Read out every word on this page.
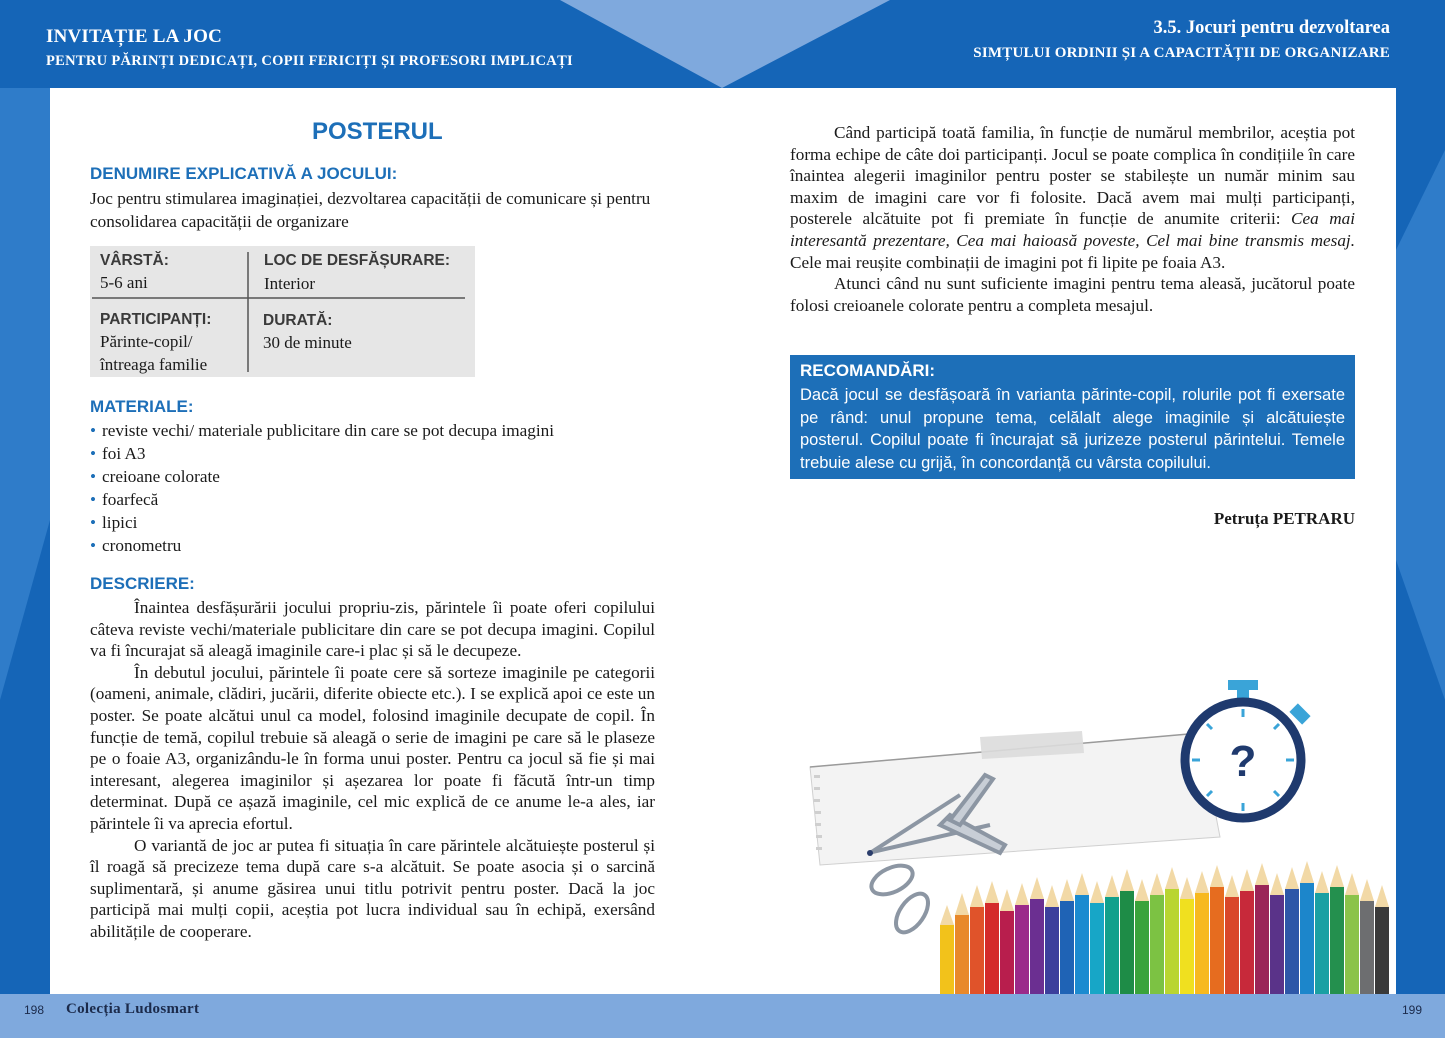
INVITAȚIE LA JOC
PENTRU PĂRINȚI DEDICAȚI, COPII FERICIȚI ȘI PROFESORI IMPLICAȚI
3.5. Jocuri pentru dezvoltarea
SIMȚULUI ORDINII ȘI A CAPACITĂȚII DE ORGANIZARE
POSTERUL
DENUMIRE EXPLICATIVĂ A JOCULUI:
Joc pentru stimularea imaginației, dezvoltarea capacității de comunicare și pentru consolidarea capacității de organizare
VÂRSTĂ:
5-6 ani
LOC DE DESFĂȘURARE:
Interior
PARTICIPANȚI:
Părinte-copil/
întreaga familie
DURATĂ:
30 de minute
MATERIALE:
• reviste vechi/ materiale publicitare din care se pot decupa imagini
• foi A3
• creioane colorate
• foarfecă
• lipici
• cronometru
DESCRIERE:
Înaintea desfășurării jocului propriu-zis, părintele îi poate oferi copilului câteva reviste vechi/materiale publicitare din care se pot decupa imagini. Copilul va fi încurajat să aleagă imaginile care-i plac și să le decupeze.
În debutul jocului, părintele îi poate cere să sorteze imaginile pe categorii (oameni, animale, clădiri, jucării, diferite obiecte etc.). I se explică apoi ce este un poster. Se poate alcătui unul ca model, folosind imaginile decupate de copil. În funcție de temă, copilul trebuie să aleagă o serie de imagini pe care să le plaseze pe o foaie A3, organizându-le în forma unui poster. Pentru ca jocul să fie și mai interesant, alegerea imaginilor și așezarea lor poate fi făcută într-un timp determinat. După ce așază imaginile, cel mic explică de ce anume le-a ales, iar părintele îi va aprecia efortul.
O variantă de joc ar putea fi situația în care părintele alcătuiește posterul și îl roagă să precizeze tema după care s-a alcătuit. Se poate asocia și o sarcină suplimentară, și anume găsirea unui titlu potrivit pentru poster. Dacă la joc participă mai mulți copii, aceștia pot lucra individual sau în echipă, exersând abilitățile de cooperare.
Când participă toată familia, în funcție de numărul membrilor, aceștia pot forma echipe de câte doi participanți. Jocul se poate complica în condițiile în care înaintea alegerii imaginilor pentru poster se stabilește un număr minim sau maxim de imagini care vor fi folosite. Dacă avem mai mulți participanți, posterele alcătuite pot fi premiate în funcție de anumite criterii: Cea mai interesantă prezentare, Cea mai haioasă poveste, Cel mai bine transmis mesaj. Cele mai reușite combinații de imagini pot fi lipite pe foaia A3.
Atunci când nu sunt suficiente imagini pentru tema aleasă, jucătorul poate folosi creioanele colorate pentru a completa mesajul.
RECOMANDĂRI:
Dacă jocul se desfășoară în varianta părinte-copil, rolurile pot fi exersate pe rând: unul propune tema, celălalt alege imaginile și alcătuiește posterul. Copilul poate fi încurajat să jurizeze posterul părintelui. Temele trebuie alese cu grijă, în concordanță cu vârsta copilului.
Petruța PETRARU
?
198 Colecția Ludosmart	199
